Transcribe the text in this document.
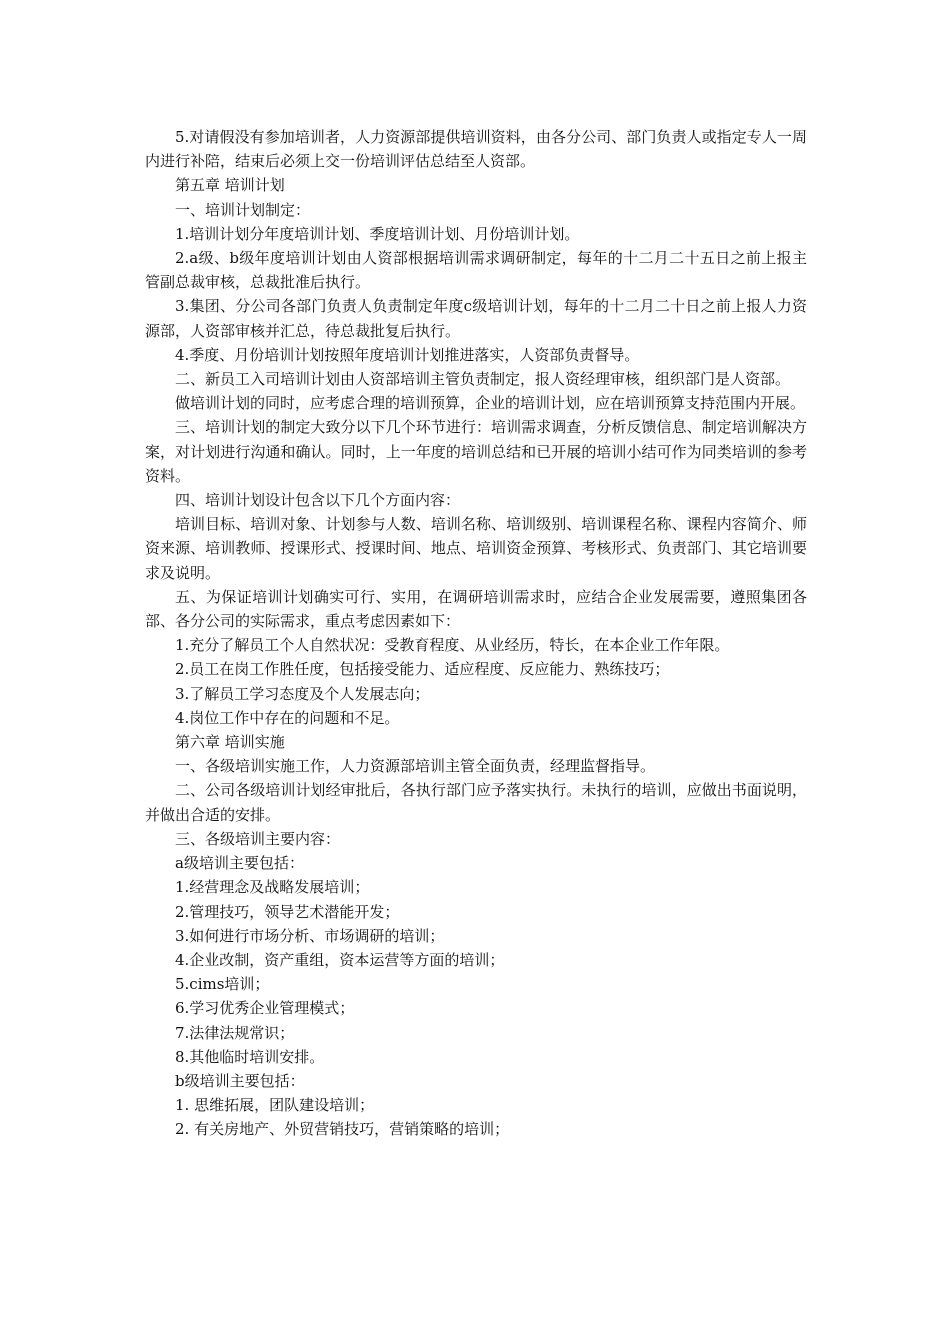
5.对请假没有参加培训者，人力资源部提供培训资料，由各分公司、部门负责人或指定专人一周内进行补陪，结束后必须上交一份培训评估总结至人资部。

第五章 培训计划

一、培训计划制定：

1.培训计划分年度培训计划、季度培训计划、月份培训计划。

2.a级、b级年度培训计划由人资部根据培训需求调研制定，每年的十二月二十五日之前上报主管副总裁审核，总裁批准后执行。

3.集团、分公司各部门负责人负责制定年度c级培训计划，每年的十二月二十日之前上报人力资源部，人资部审核并汇总，待总裁批复后执行。

4.季度、月份培训计划按照年度培训计划推进落实，人资部负责督导。

二、新员工入司培训计划由人资部培训主管负责制定，报人资经理审核，组织部门是人资部。

做培训计划的同时，应考虑合理的培训预算，企业的培训计划，应在培训预算支持范围内开展。

三、培训计划的制定大致分以下几个环节进行：培训需求调查，分析反馈信息、制定培训解决方案，对计划进行沟通和确认。同时，上一年度的培训总结和已开展的培训小结可作为同类培训的参考资料。

四、培训计划设计包含以下几个方面内容：

培训目标、培训对象、计划参与人数、培训名称、培训级别、培训课程名称、课程内容简介、师资来源、培训教师、授课形式、授课时间、地点、培训资金预算、考核形式、负责部门、其它培训要求及说明。

五、为保证培训计划确实可行、实用，在调研培训需求时，应结合企业发展需要，遵照集团各部、各分公司的实际需求，重点考虑因素如下：

1.充分了解员工个人自然状况：受教育程度、从业经历，特长，在本企业工作年限。

2.员工在岗工作胜任度，包括接受能力、适应程度、反应能力、熟练技巧；

3.了解员工学习态度及个人发展志向；

4.岗位工作中存在的问题和不足。

第六章 培训实施

一、各级培训实施工作，人力资源部培训主管全面负责，经理监督指导。

二、公司各级培训计划经审批后，各执行部门应予落实执行。未执行的培训，应做出书面说明，并做出合适的安排。

三、各级培训主要内容：

a级培训主要包括：

1.经营理念及战略发展培训；

2.管理技巧，领导艺术潜能开发；

3.如何进行市场分析、市场调研的培训；

4.企业改制，资产重组，资本运营等方面的培训；

5.cims培训；

6.学习优秀企业管理模式；

7.法律法规常识；

8.其他临时培训安排。

b级培训主要包括：

1. 思维拓展，团队建设培训；

2. 有关房地产、外贸营销技巧，营销策略的培训；
